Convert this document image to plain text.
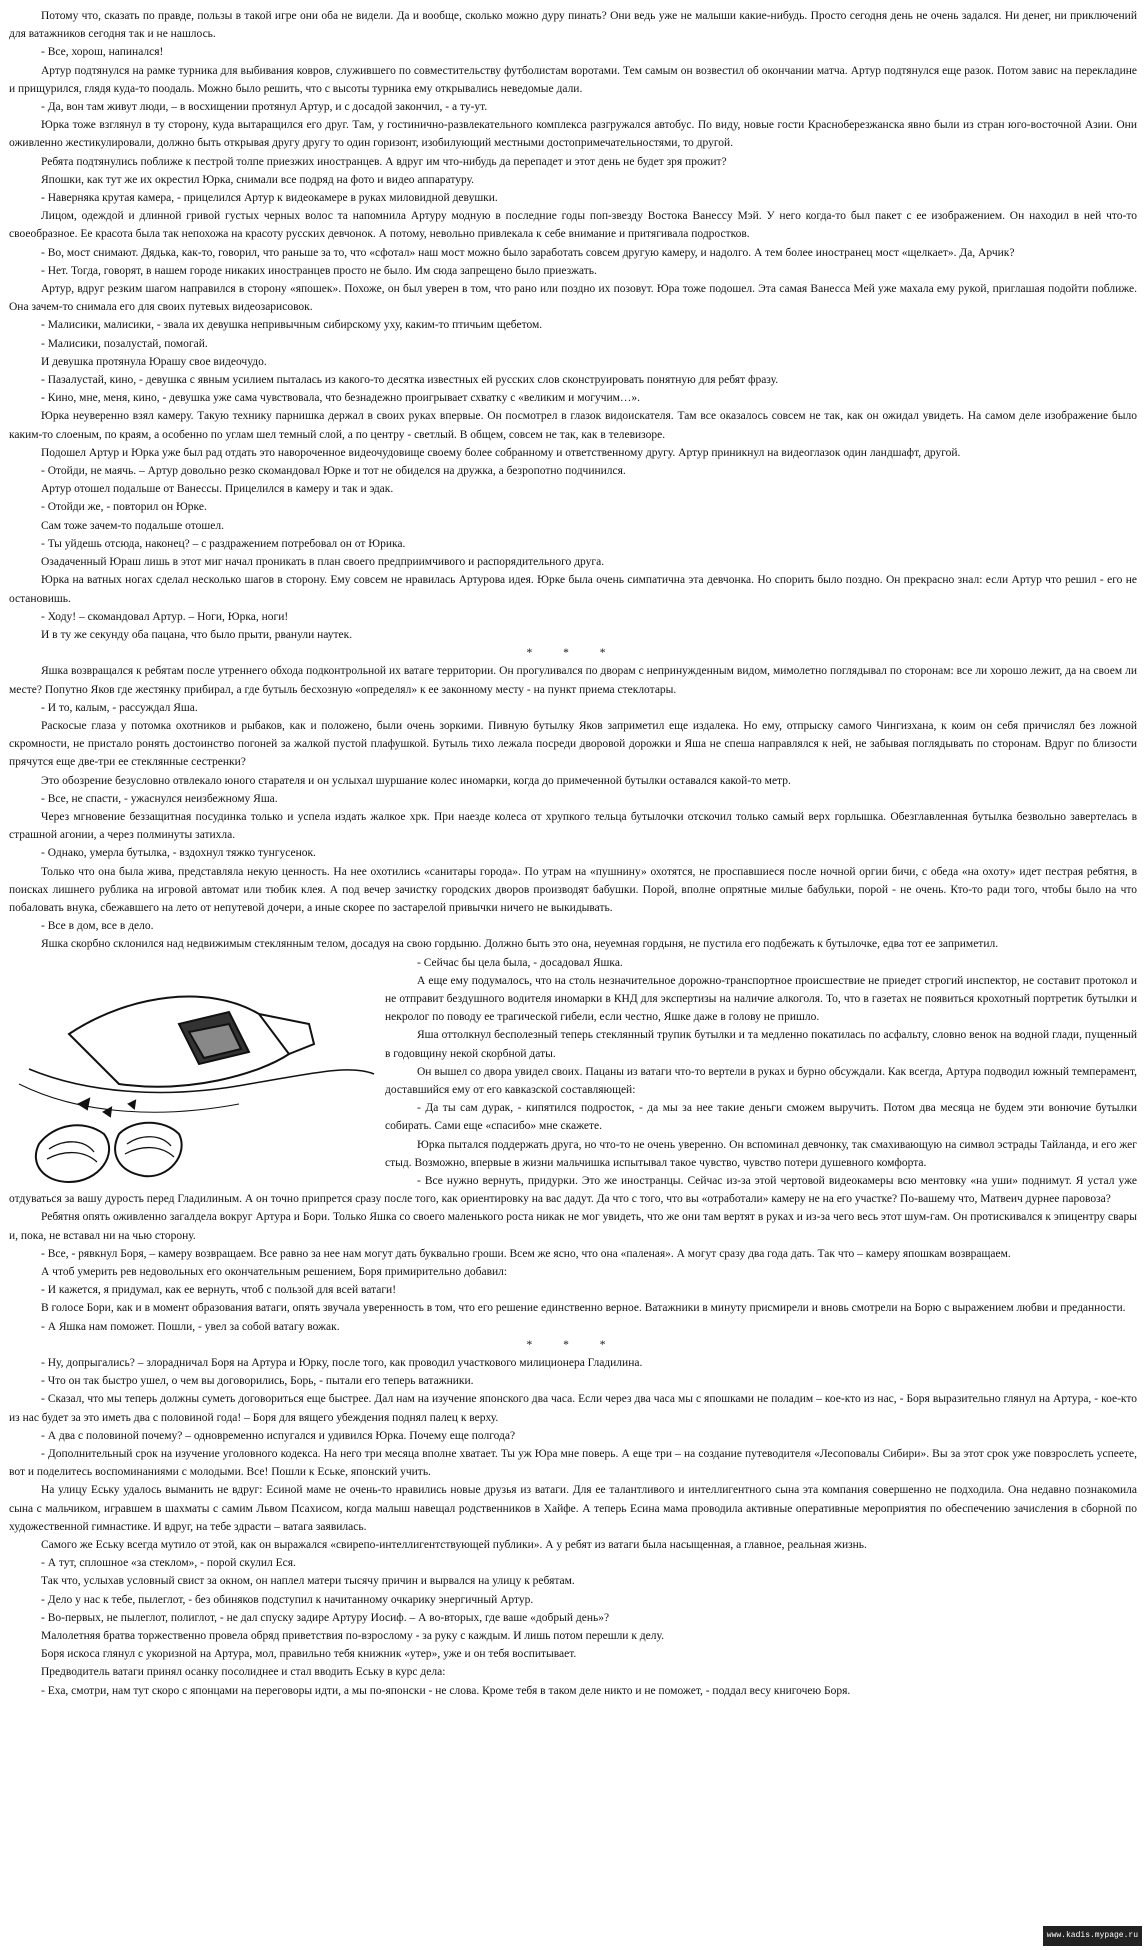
Потому что, сказать по правде, пользы в такой игре они оба не видели. Да и вообще, сколько можно дуру пинать? Они ведь уже не малыши какие-нибудь. Просто сегодня день не очень задался. Ни денег, ни приключений для ватажников сегодня так и не нашлось.

- Все, хорош, напинался!

Артур подтянулся на рамке турника для выбивания ковров, служившего по совместительству футболистам воротами. Тем самым он возвестил об окончании матча. Артур подтянулся еще разок. Потом завис на перекладине и прищурился, глядя куда-то поодаль. Можно было решить, что с высоты турника ему открывались неведомые дали.

- Да, вон там живут люди, – в восхищении протянул Артур, и с досадой закончил, - а ту-ут.

Юрка тоже взглянул в ту сторону, куда вытаращился его друг. Там, у гостинично-развлекательного комплекса разгружался автобус. По виду, новые гости Красноберезжанска явно были из стран юго-восточной Азии. Они оживленно жестикулировали, должно быть открывая другу другу то один горизонт, изобилующий местными достопримечательностями, то другой.

Ребята подтянулись поближе к пестрой толпе приезжих иностранцев. А вдруг им что-нибудь да перепадет и этот день не будет зря прожит?

Япошки, как тут же их окрестил Юрка, снимали все подряд на фото и видео аппаратуру.

- Наверняка крутая камера, - прицелился Артур к видеокамере в руках миловидной девушки.

Лицом, одеждой и длинной гривой густых черных волос та напомнила Артуру модную в последние годы поп-звезду Востока Ванессу Мэй. У него когда-то был пакет с ее изображением. Он находил в ней что-то своеобразное. Ее красота была так непохожа на красоту русских девчонок. А потому, невольно привлекала к себе внимание и притягивала подростков.

- Во, мост снимают. Дядька, как-то, говорил, что раньше за то, что «сфотал» наш мост можно было заработать совсем другую камеру, и надолго. А тем более иностранец мост «щелкает». Да, Арчик?

- Нет. Тогда, говорят, в нашем городе никаких иностранцев просто не было. Им сюда запрещено было приезжать.

Артур, вдруг резким шагом направился в сторону «япошек». Похоже, он был уверен в том, что рано или поздно их позовут. Юра тоже подошел. Эта самая Ванесса Мей уже махала ему рукой, приглашая подойти поближе. Она зачем-то снимала его для своих путевых видеозарисовок.

- Малисики, малисики, - звала их девушка непривычным сибирскому уху, каким-то птичьим щебетом.

- Малисики, позалустай, помогай.

И девушка протянула Юрашу свое видеочудо.

- Пазалустай, кино, - девушка с явным усилием пыталась из какого-то десятка известных ей русских слов сконструировать понятную для ребят фразу.

- Кино, мне, меня, кино, - девушка уже сама чувствовала, что безнадежно проигрывает схватку с «великим и могучим…».

Юрка неуверенно взял камеру. Такую технику парнишка держал в своих руках впервые. Он посмотрел в глазок видоискателя. Там все оказалось совсем не так, как он ожидал увидеть. На самом деле изображение было каким-то слоеным, по краям, а особенно по углам шел темный слой, а по центру - светлый. В общем, совсем не так, как в телевизоре.

Подошел Артур и Юрка уже был рад отдать это навороченное видеочудовище своему более собранному и ответственному другу. Артур приникнул на видеоглазок один ландшафт, другой.

- Отойди, не маячь. – Артур довольно резко скомандовал Юрке и тот не обиделся на дружка, а безропотно подчинился.

Артур отошел подальше от Ванессы. Прицелился в камеру и так и эдак.

- Отойди же, - повторил он Юрке.

Сам тоже зачем-то подальше отошел.

- Ты уйдешь отсюда, наконец? – с раздражением потребовал он от Юрика.

Озадаченный Юраш лишь в этот миг начал проникать в план своего предприимчивого и распорядительного друга.

Юрка на ватных ногах сделал несколько шагов в сторону. Ему совсем не нравилась Артурова идея. Юрке была очень симпатична эта девчонка. Но спорить было поздно. Он прекрасно знал: если Артур что решил - его не остановишь.

- Ходу! – скомандовал Артур. – Ноги, Юрка, ноги!

И в ту же секунду оба пацана, что было прыти, рванули наутек.

* * *

Яшка возвращался к ребятам после утреннего обхода подконтрольной их ватаге территории. Он прогуливался по дворам с непринужденным видом, мимолетно поглядывал по сторонам: все ли хорошо лежит, да на своем ли месте? Попутно Яков где жестянку прибирал, а где бутыль бесхозную «определял» к ее законному месту - на пункт приема стеклотары.

- И то, калым, - рассуждал Яша.

Раскосые глаза у потомка охотников и рыбаков, как и положено, были очень зоркими. Пивную бутылку Яков заприметил еще издалека. Но ему, отпрыску самого Чингизхана, к коим он себя причислял без ложной скромности, не пристало ронять достоинство погоней за жалкой пустой плафушкой. Бутыль тихо лежала посреди дворовой дорожки и Яша не спеша направлялся к ней, не забывая поглядывать по сторонам. Вдруг по близости прячутся еще две-три ее стеклянные сестренки?

Это обозрение безусловно отвлекало юного старателя и он услыхал шуршание колес иномарки, когда до примеченной бутылки оставался какой-то метр.

- Все, не спасти, - ужаснулся неизбежному Яша.

Через мгновение беззащитная посудинка только и успела издать жалкое хрк. При наезде колеса от хрупкого тельца бутылочки отскочил только самый верх горлышка. Обезглавленная бутылка безвольно завертелась в страшной агонии, а через полминуты затихла.

- Однако, умерла бутылка, - вздохнул тяжко тунгусенок.

Только что она была жива, представляла некую ценность. На нее охотились «санитары города». По утрам на «пушнину» охотятся, не проспавшиеся после ночной оргии бичи, с обеда «на охоту» идет пестрая ребятня, в поисках лишнего рублика на игровой автомат или тюбик клея. А под вечер зачистку городских дворов производят бабушки. Порой, вполне опрятные милые бабульки, порой - не очень. Кто-то ради того, чтобы было на что побаловать внука, сбежавшего на лето от непутевой дочери, а иные скорее по застарелой привычки ничего не выкидывать.

- Все в дом, все в дело.

Яшка скорбно склонился над недвижимым стеклянным телом, досадуя на свою гордыню. Должно быть это она, неуемная гордыня, не пустила его подбежать к бутылочке, едва тот ее заприметил.

- Сейчас бы цела была, - досадовал Яшка.

А еще ему подумалось, что на столь незначительное дорожно-транспортное происшествие не приедет строгий инспектор, не составит протокол и не отправит бездушного водителя иномарки в КНД для экспертизы на наличие алкоголя. То, что в газетах не появиться крохотный портретик бутылки и некролог по поводу ее трагической гибели, если честно, Яшке даже в голову не пришло.

Яша оттолкнул бесполезный теперь стеклянный трупик бутылки и та медленно покатилась по асфальту, словно венок на водной глади, пущенный в годовщину некой скорбной даты.

Он вышел со двора увидел своих. Пацаны из ватаги что-то вертели в руках и бурно обсуждали. Как всегда, Артура подводил южный темперамент, доставшийся ему от его кавказской составляющей:

- Да ты сам дурак, - кипятился подросток, - да мы за нее такие деньги сможем выручить. Потом два месяца не будем эти вонючие бутылки собирать. Сами еще «спасибо» мне скажете.

Юрка пытался поддержать друга, но что-то не очень уверенно. Он вспоминал девчонку, так смахивающую на символ эстрады Тайланда, и его жег стыд. Возможно, впервые в жизни мальчишка испытывал такое чувство, чувство потери душевного комфорта.

- Все нужно вернуть, придурки. Это же иностранцы. Сейчас из-за этой чертовой видеокамеры всю ментовку «на уши» поднимут. Я устал уже отдуваться за вашу дурость перед Гладилиным. А он точно припрется сразу после того, как ориентировку на вас дадут. Да что с того, что вы «отработали» камеру не на его участке? По-вашему что, Матвеич дурнее паровоза?

Ребятня опять оживленно загалдела вокруг Артура и Бори. Только Яшка со своего маленького роста никак не мог увидеть, что же они там вертят в руках и из-за чего весь этот шум-гам. Он протискивался к эпицентру свары и, пока, не вставал ни на чью сторону.

- Все, - рявкнул Боря, – камеру возвращаем. Все равно за нее нам могут дать буквально гроши. Всем же ясно, что она «паленая». А могут сразу два года дать. Так что – камеру япошкам возвращаем.

А чтоб умерить рев недовольных его окончательным решением, Боря примирительно добавил:

- И кажется, я придумал, как ее вернуть, чтоб с пользой для всей ватаги!

В голосе Бори, как и в момент образования ватаги, опять звучала уверенность в том, что его решение единственно верное. Ватажники в минуту присмирели и вновь смотрели на Борю с выражением любви и преданности.

- А Яшка нам поможет. Пошли, - увел за собой ватагу вожак.

* * *

- Ну, допрыгались? – злорадничал Боря на Артура и Юрку, после того, как проводил участкового милиционера Гладилина.

- Что он так быстро ушел, о чем вы договорились, Борь, - пытали его теперь ватажники.

- Сказал, что мы теперь должны суметь договориться еще быстрее. Дал нам на изучение японского два часа. Если через два часа мы с япошками не поладим – кое-кто из нас, - Боря выразительно глянул на Артура, - кое-кто из нас будет за это иметь два с половиной года! – Боря для вящего убеждения поднял палец к верху.

- А два с половиной почему? – одновременно испугался и удивился Юрка. Почему еще полгода?

- Дополнительный срок на изучение уголовного кодекса. На него три месяца вполне хватает. Ты уж Юра мне поверь. А еще три – на создание путеводителя «Лесоповалы Сибири». Вы за этот срок уже повзрослеть успеете, вот и поделитесь воспоминаниями с молодыми. Все! Пошли к Еське, японский учить.

На улицу Еську удалось выманить не вдруг: Есиной маме не очень-то нравились новые друзья из ватаги. Для ее талантливого и интеллигентного сына эта компания совершенно не подходила. Она недавно познакомила сына с мальчиком, игравшем в шахматы с самим Львом Псахисом, когда малыш навещал родственников в Хайфе. А теперь Есина мама проводила активные оперативные мероприятия по обеспечению зачисления в сборной по художественной гимнастике. И вдруг, на тебе здрасти – ватага заявилась.

Самого же Еську всегда мутило от этой, как он выражался «свирепо-интеллигентствующей публики». А у ребят из ватаги была насыщенная, а главное, реальная жизнь.

- А тут, сплошное «за стеклом», - порой скулил Еся.

Так что, услыхав условный свист за окном, он наплел матери тысячу причин и вырвался на улицу к ребятам.

- Дело у нас к тебе, пылеглот, - без обиняков подступил к начитанному очкарику энергичный Артур.

- Во-первых, не пылеглот, полиглот, - не дал спуску задире Артуру Иосиф. – А во-вторых, где ваше «добрый день»?

Малолетняя братва торжественно провела обряд приветствия по-взрослому - за руку с каждым. И лишь потом перешли к делу.

Боря искоса глянул с укоризной на Артура, мол, правильно тебя книжник «утер», уже и он тебя воспитывает.

Предводитель ватаги принял осанку посолиднее и стал вводить Еську в курс дела:

- Еха, смотри, нам тут скоро с японцами на переговоры идти, а мы по-японски - не слова. Кроме тебя в таком деле никто и не поможет, - поддал весу книгочею Боря.

www.kadis.mypage.ru
